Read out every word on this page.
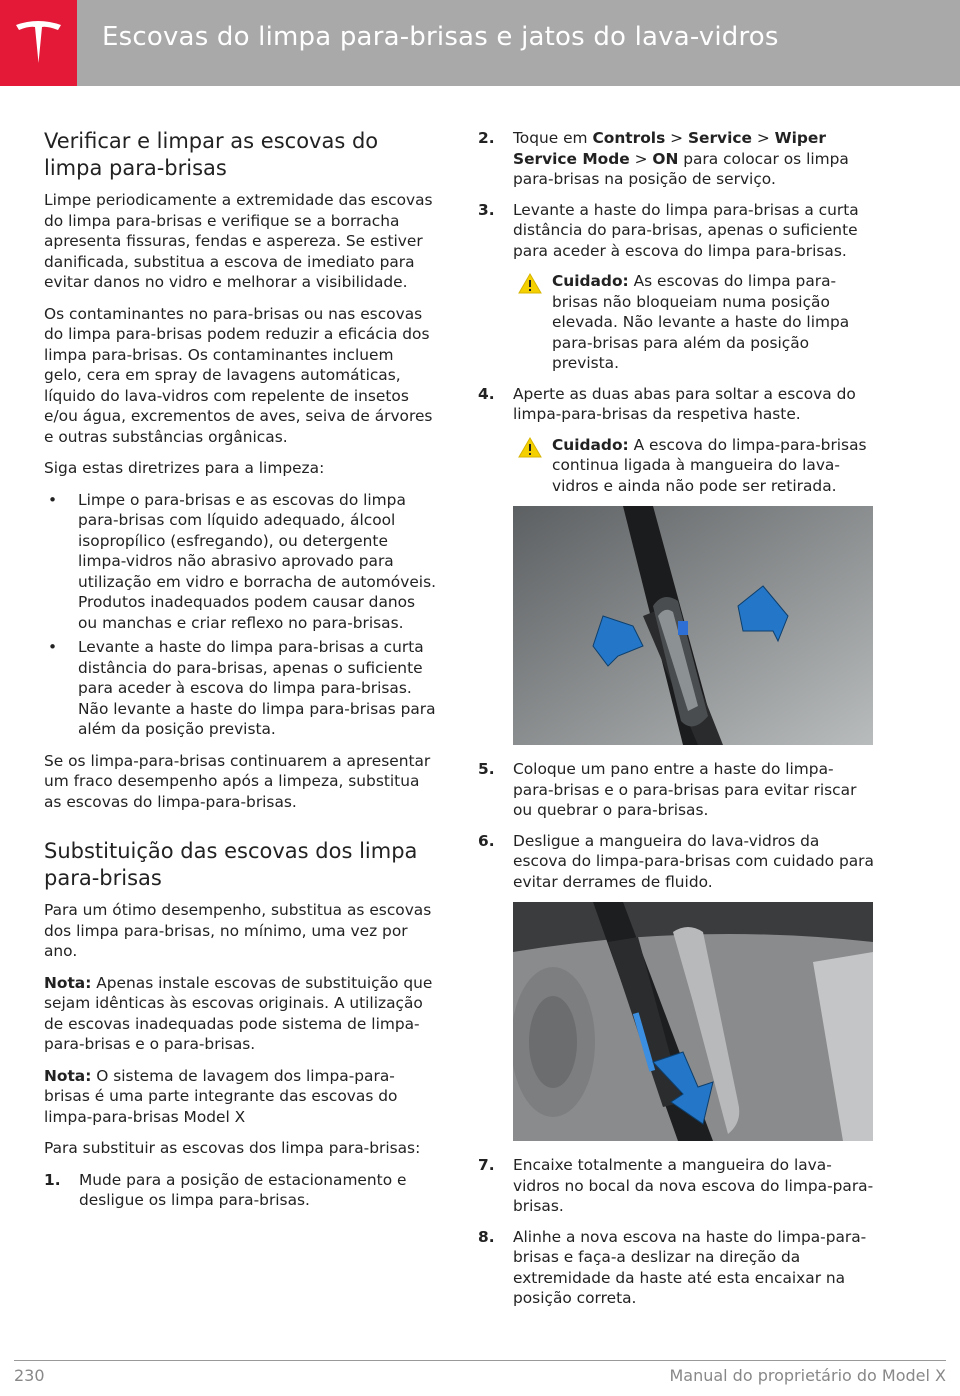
Escovas do limpa para-brisas e jatos do lava-vidros
Verificar e limpar as escovas do limpa para-brisas

Limpe periodicamente a extremidade das escovas do limpa para-brisas e verifique se a borracha apresenta fissuras, fendas e aspereza. Se estiver danificada, substitua a escova de imediato para evitar danos no vidro e melhorar a visibilidade.

Os contaminantes no para-brisas ou nas escovas do limpa para-brisas podem reduzir a eficácia dos limpa para-brisas. Os contaminantes incluem gelo, cera em spray de lavagens automáticas, líquido do lava-vidros com repelente de insetos e/ou água, excrementos de aves, seiva de árvores e outras substâncias orgânicas.

Siga estas diretrizes para a limpeza:

• Limpe o para-brisas e as escovas do limpa para-brisas com líquido adequado, álcool isopropílico (esfregando), ou detergente limpa-vidros não abrasivo aprovado para utilização em vidro e borracha de automóveis. Produtos inadequados podem causar danos ou manchas e criar reflexo no para-brisas.
• Levante a haste do limpa para-brisas a curta distância do para-brisas, apenas o suficiente para aceder à escova do limpa para-brisas. Não levante a haste do limpa para-brisas para além da posição prevista.

Se os limpa-para-brisas continuarem a apresentar um fraco desempenho após a limpeza, substitua as escovas do limpa-para-brisas.

Substituição das escovas dos limpa para-brisas

Para um ótimo desempenho, substitua as escovas dos limpa para-brisas, no mínimo, uma vez por ano.

Nota: Apenas instale escovas de substituição que sejam idênticas às escovas originais. A utilização de escovas inadequadas pode sistema de limpa-para-brisas e o para-brisas.

Nota: O sistema de lavagem dos limpa-para-brisas é uma parte integrante das escovas do limpa-para-brisas Model X

Para substituir as escovas dos limpa para-brisas:

1. Mude para a posição de estacionamento e desligue os limpa para-brisas.
2. Toque em Controls > Service > Wiper Service Mode > ON para colocar os limpa para-brisas na posição de serviço.
3. Levante a haste do limpa para-brisas a curta distância do para-brisas, apenas o suficiente para aceder à escova do limpa para-brisas.
Cuidado: As escovas do limpa para-brisas não bloqueiam numa posição elevada. Não levante a haste do limpa para-brisas para além da posição prevista.
4. Aperte as duas abas para soltar a escova do limpa-para-brisas da respetiva haste.
Cuidado: A escova do limpa-para-brisas continua ligada à mangueira do lava-vidros e ainda não pode ser retirada.
5. Coloque um pano entre a haste do limpa-para-brisas e o para-brisas para evitar riscar ou quebrar o para-brisas.
6. Desligue a mangueira do lava-vidros da escova do limpa-para-brisas com cuidado para evitar derrames de fluido.
7. Encaixe totalmente a mangueira do lava-vidros no bocal da nova escova do limpa-para-brisas.
8. Alinhe a nova escova na haste do limpa-para-brisas e faça-a deslizar na direção da extremidade da haste até esta encaixar na posição correta.
230	Manual do proprietário do Model X
